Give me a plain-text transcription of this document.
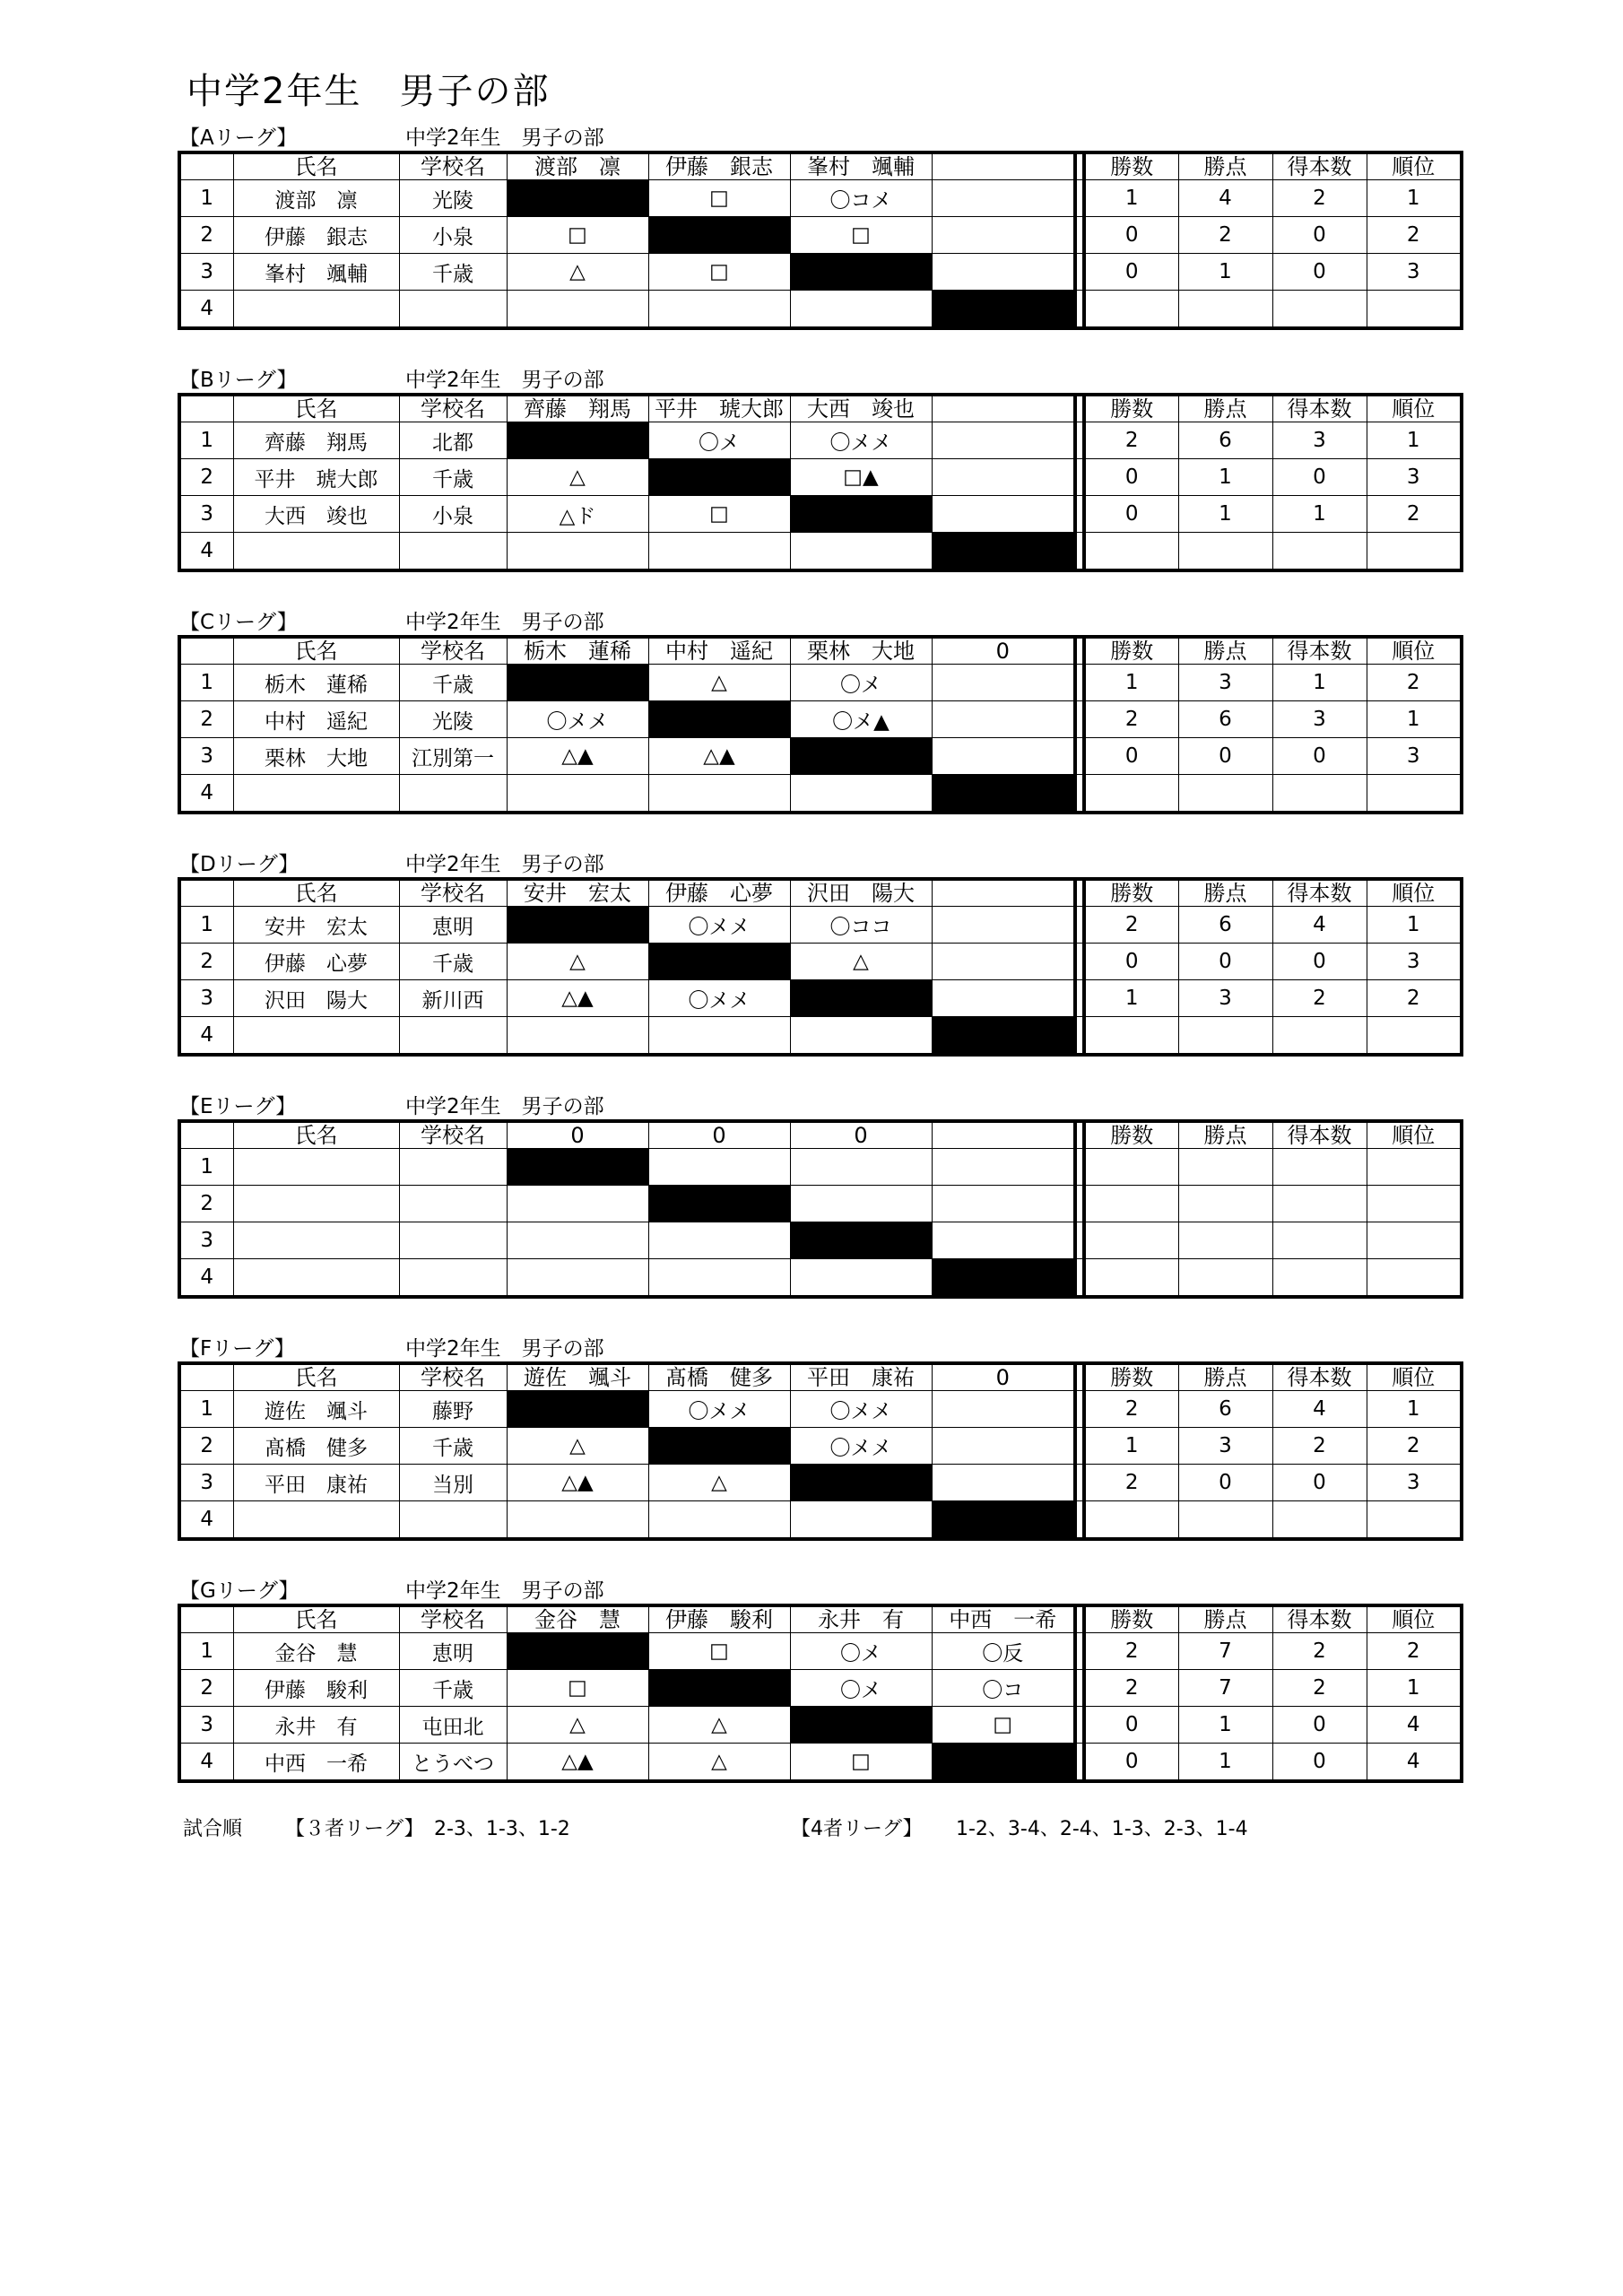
中学2年生　男子の部
【Aリーグ】	中学2年生　男子の部
	氏名	学校名	渡部　凛	伊藤　銀志	峯村　颯輔			勝数	勝点	得本数	順位
1	渡部　凛	光陵		□	〇コメ			1	4	2	1
2	伊藤　銀志	小泉	□		□			0	2	0	2
3	峯村　颯輔	千歳	△	□				0	1	0	3
4											
【Bリーグ】	中学2年生　男子の部
	氏名	学校名	齊藤　翔馬	平井　琥大郎	大西　竣也			勝数	勝点	得本数	順位
1	齊藤　翔馬	北都		〇メ	〇メメ			2	6	3	1
2	平井　琥大郎	千歳	△		□▲			0	1	0	3
3	大西　竣也	小泉	△ド	□				0	1	1	2
4											
【Cリーグ】	中学2年生　男子の部
	氏名	学校名	栃木　蓮稀	中村　遥紀	栗林　大地	0		勝数	勝点	得本数	順位
1	栃木　蓮稀	千歳		△	〇メ			1	3	1	2
2	中村　遥紀	光陵	〇メメ		〇メ▲			2	6	3	1
3	栗林　大地	江別第一	△▲	△▲				0	0	0	3
4											
【Dリーグ】	中学2年生　男子の部
	氏名	学校名	安井　宏太	伊藤　心夢	沢田　陽大			勝数	勝点	得本数	順位
1	安井　宏太	恵明		〇メメ	〇ココ			2	6	4	1
2	伊藤　心夢	千歳	△		△			0	0	0	3
3	沢田　陽大	新川西	△▲	〇メメ				1	3	2	2
4											
【Eリーグ】	中学2年生　男子の部
	氏名	学校名	0	0	0			勝数	勝点	得本数	順位
1											
2											
3											
4											
【Fリーグ】	中学2年生　男子の部
	氏名	学校名	遊佐　颯斗	髙橋　健多	平田　康祐	0		勝数	勝点	得本数	順位
1	遊佐　颯斗	藤野		〇メメ	〇メメ			2	6	4	1
2	髙橋　健多	千歳	△		〇メメ			1	3	2	2
3	平田　康祐	当別	△▲	△				2	0	0	3
4											
【Gリーグ】	中学2年生　男子の部
	氏名	学校名	金谷　慧	伊藤　駿利	永井　有	中西　一希		勝数	勝点	得本数	順位
1	金谷　慧	恵明		□	〇メ	〇反		2	7	2	2
2	伊藤　駿利	千歳	□		〇メ	〇コ		2	7	2	1
3	永井　有	屯田北	△	△		□		0	1	0	4
4	中西　一希	とうべつ	△▲	△	□			0	1	0	4
試合順 【３者リーグ】 2-3、1-3、1-2	【4者リーグ】 1-2、3-4、2-4、1-3、2-3、1-4
